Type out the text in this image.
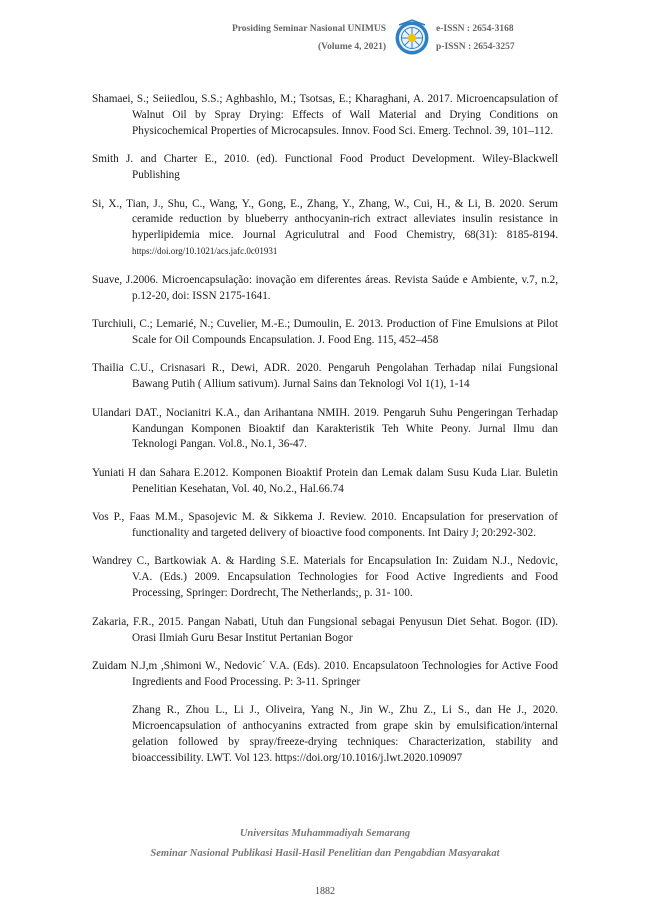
Prosiding Seminar Nasional UNIMUS
(Volume 4, 2021)
e-ISSN : 2654-3168
p-ISSN : 2654-3257

Shamaei, S.; Seiiedlou, S.S.; Aghbashlo, M.; Tsotsas, E.; Kharaghani, A. 2017. Microencapsulation of Walnut Oil by Spray Drying: Effects of Wall Material and Drying Conditions on Physicochemical Properties of Microcapsules. Innov. Food Sci. Emerg. Technol. 39, 101–112.

Smith J. and Charter E., 2010. (ed). Functional Food Product Development. Wiley-Blackwell Publishing

Si, X., Tian, J., Shu, C., Wang, Y., Gong, E., Zhang, Y., Zhang, W., Cui, H., & Li, B. 2020. Serum ceramide reduction by blueberry anthocyanin-rich extract alleviates insulin resistance in hyperlipidemia mice. Journal Agriculutral and Food Chemistry, 68(31): 8185-8194. https://doi.org/10.1021/acs.jafc.0c01931

Suave, J.2006. Microencapsulação: inovação em diferentes áreas. Revista Saúde e Ambiente, v.7, n.2, p.12-20, doi: ISSN 2175-1641.

Turchiuli, C.; Lemarié, N.; Cuvelier, M.-E.; Dumoulin, E. 2013. Production of Fine Emulsions at Pilot Scale for Oil Compounds Encapsulation. J. Food Eng. 115, 452–458

Thailia C.U., Crisnasari R., Dewi, ADR. 2020. Pengaruh Pengolahan Terhadap nilai Fungsional Bawang Putih ( Allium sativum). Jurnal Sains dan Teknologi Vol 1(1), 1-14

Ulandari DAT., Nocianitri K.A., dan Arihantana NMIH. 2019. Pengaruh Suhu Pengeringan Terhadap Kandungan Komponen Bioaktif dan Karakteristik Teh White Peony. Jurnal Ilmu dan Teknologi Pangan. Vol.8., No.1, 36-47.

Yuniati H dan Sahara E.2012. Komponen Bioaktif Protein dan Lemak dalam Susu Kuda Liar. Buletin Penelitian Kesehatan, Vol. 40, No.2., Hal.66.74

Vos P., Faas M.M., Spasojevic M. & Sikkema J. Review. 2010. Encapsulation for preservation of functionality and targeted delivery of bioactive food components. Int Dairy J; 20:292-302.

Wandrey C., Bartkowiak A. & Harding S.E. Materials for Encapsulation In: Zuidam N.J., Nedovic, V.A. (Eds.) 2009. Encapsulation Technologies for Food Active Ingredients and Food Processing, Springer: Dordrecht, The Netherlands;, p. 31- 100.

Zakaria, F.R., 2015. Pangan Nabati, Utuh dan Fungsional sebagai Penyusun Diet Sehat. Bogor. (ID). Orasi Ilmiah Guru Besar Institut Pertanian Bogor

Zuidam N.J,m ,Shimoni W., Nedovic´ V.A. (Eds). 2010. Encapsulatoon Technologies for Active Food Ingredients and Food Processing. P: 3-11. Springer

Zhang R., Zhou L., Li J., Oliveira, Yang N., Jin W., Zhu Z., Li S., dan He J., 2020. Microencapsulation of anthocyanins extracted from grape skin by emulsification/internal gelation followed by spray/freeze-drying techniques: Characterization, stability and bioaccessibility. LWT. Vol 123. https://doi.org/10.1016/j.lwt.2020.109097

Universitas Muhammadiyah Semarang
Seminar Nasional Publikasi Hasil-Hasil Penelitian dan Pengabdian Masyarakat
1882
